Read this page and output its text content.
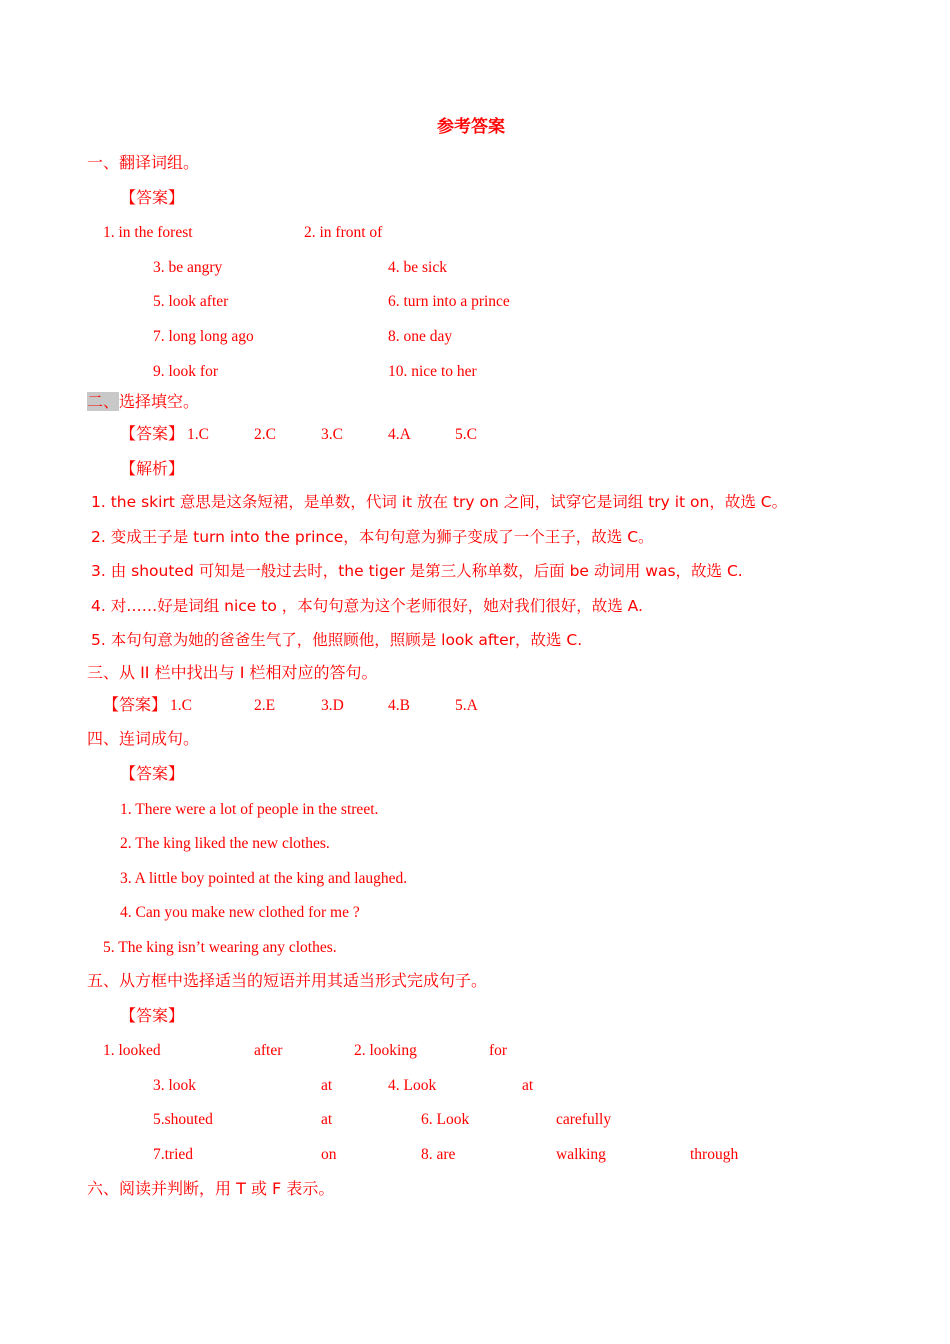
参考答案
一、翻译词组。
【答案】
1. in the forest	2. in front of
3. be angry	4. be sick
5. look after	6. turn into a prince
7. long long ago	8. one day
9. look for	10. nice to her
二、选择填空。
【答案】 1.C	2.C	3.C	4.A	5.C
【解析】
1. the skirt 意思是这条短裙，是单数，代词 it 放在 try on 之间，试穿它是词组 try it on，故选 C。
2. 变成王子是 turn into the prince，本句句意为狮子变成了一个王子，故选 C。
3. 由 shouted 可知是一般过去时，the tiger 是第三人称单数，后面 be 动词用 was，故选 C.
4. 对……好是词组 nice to ，本句句意为这个老师很好，她对我们很好，故选 A.
5. 本句句意为她的爸爸生气了，他照顾他，照顾是 look after，故选 C.
三、从 II 栏中找出与 I 栏相对应的答句。
【答案】 1.C	2.E	3.D	4.B	5.A
四、连词成句。
【答案】
1. There were a lot of people in the street.
2. The king liked the new clothes.
3. A little boy pointed at the king and laughed.
4. Can you make new clothed for me ?
5. The king isn’t wearing any clothes.
五、从方框中选择适当的短语并用其适当形式完成句子。
【答案】
1. looked	after	2. looking	for
3. look	at	4. Look	at
5.shouted	at	6. Look	carefully
7.tried	on	8. are	walking	through
六、阅读并判断，用 T 或 F 表示。
